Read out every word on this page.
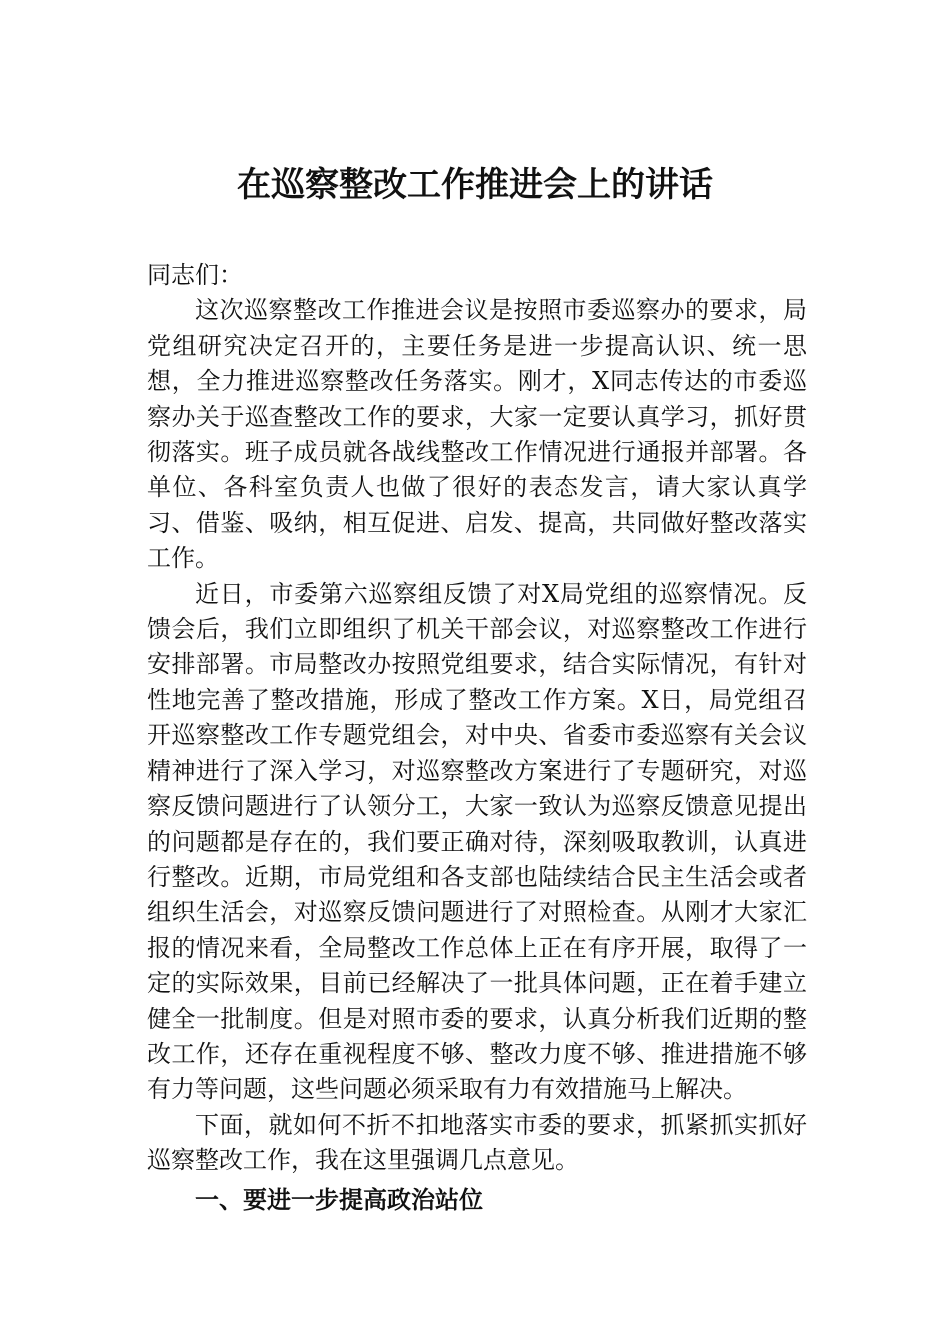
在巡察整改工作推进会上的讲话

同志们：

这次巡察整改工作推进会议是按照市委巡察办的要求，局党组研究决定召开的，主要任务是进一步提高认识、统一思想，全力推进巡察整改任务落实。刚才，X同志传达的市委巡察办关于巡查整改工作的要求，大家一定要认真学习，抓好贯彻落实。班子成员就各战线整改工作情况进行通报并部署。各单位、各科室负责人也做了很好的表态发言，请大家认真学习、借鉴、吸纳，相互促进、启发、提高，共同做好整改落实工作。

近日，市委第六巡察组反馈了对X局党组的巡察情况。反馈会后，我们立即组织了机关干部会议，对巡察整改工作进行安排部署。市局整改办按照党组要求，结合实际情况，有针对性地完善了整改措施，形成了整改工作方案。X日，局党组召开巡察整改工作专题党组会，对中央、省委市委巡察有关会议精神进行了深入学习，对巡察整改方案进行了专题研究，对巡察反馈问题进行了认领分工，大家一致认为巡察反馈意见提出的问题都是存在的，我们要正确对待，深刻吸取教训，认真进行整改。近期，市局党组和各支部也陆续结合民主生活会或者组织生活会，对巡察反馈问题进行了对照检查。从刚才大家汇报的情况来看，全局整改工作总体上正在有序开展，取得了一定的实际效果，目前已经解决了一批具体问题，正在着手建立健全一批制度。但是对照市委的要求，认真分析我们近期的整改工作，还存在重视程度不够、整改力度不够、推进措施不够有力等问题，这些问题必须采取有力有效措施马上解决。

下面，就如何不折不扣地落实市委的要求，抓紧抓实抓好巡察整改工作，我在这里强调几点意见。

一、要进一步提高政治站位
